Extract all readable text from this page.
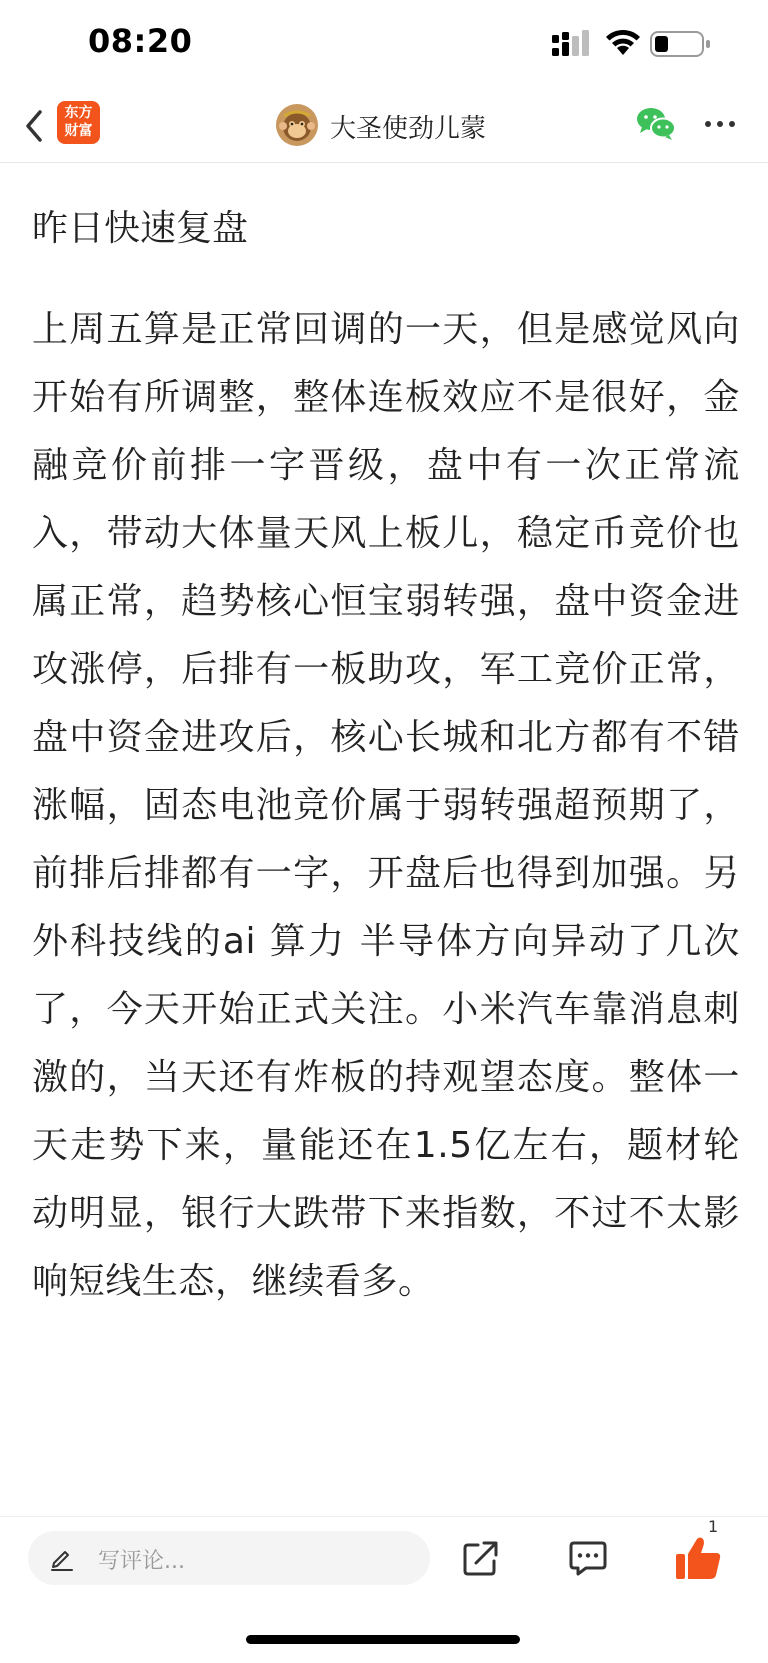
08:20
东方
财富	大圣使劲儿蒙
昨日快速复盘
上周五算是正常回调的一天，但是感觉风向开始有所调整，整体连板效应不是很好，金融竞价前排一字晋级，盘中有一次正常流入，带动大体量天风上板儿，稳定币竞价也属正常，趋势核心恒宝弱转强，盘中资金进攻涨停，后排有一板助攻，军工竞价正常，盘中资金进攻后，核心长城和北方都有不错涨幅，固态电池竞价属于弱转强超预期了，前排后排都有一字，开盘后也得到加强。另外科技线的ai 算力 半导体方向异动了几次了，今天开始正式关注。小米汽车靠消息刺激的，当天还有炸板的持观望态度。整体一天走势下来，量能还在1.5亿左右，题材轮动明显，银行大跌带下来指数，不过不太影响短线生态，继续看多。
写评论...
1
